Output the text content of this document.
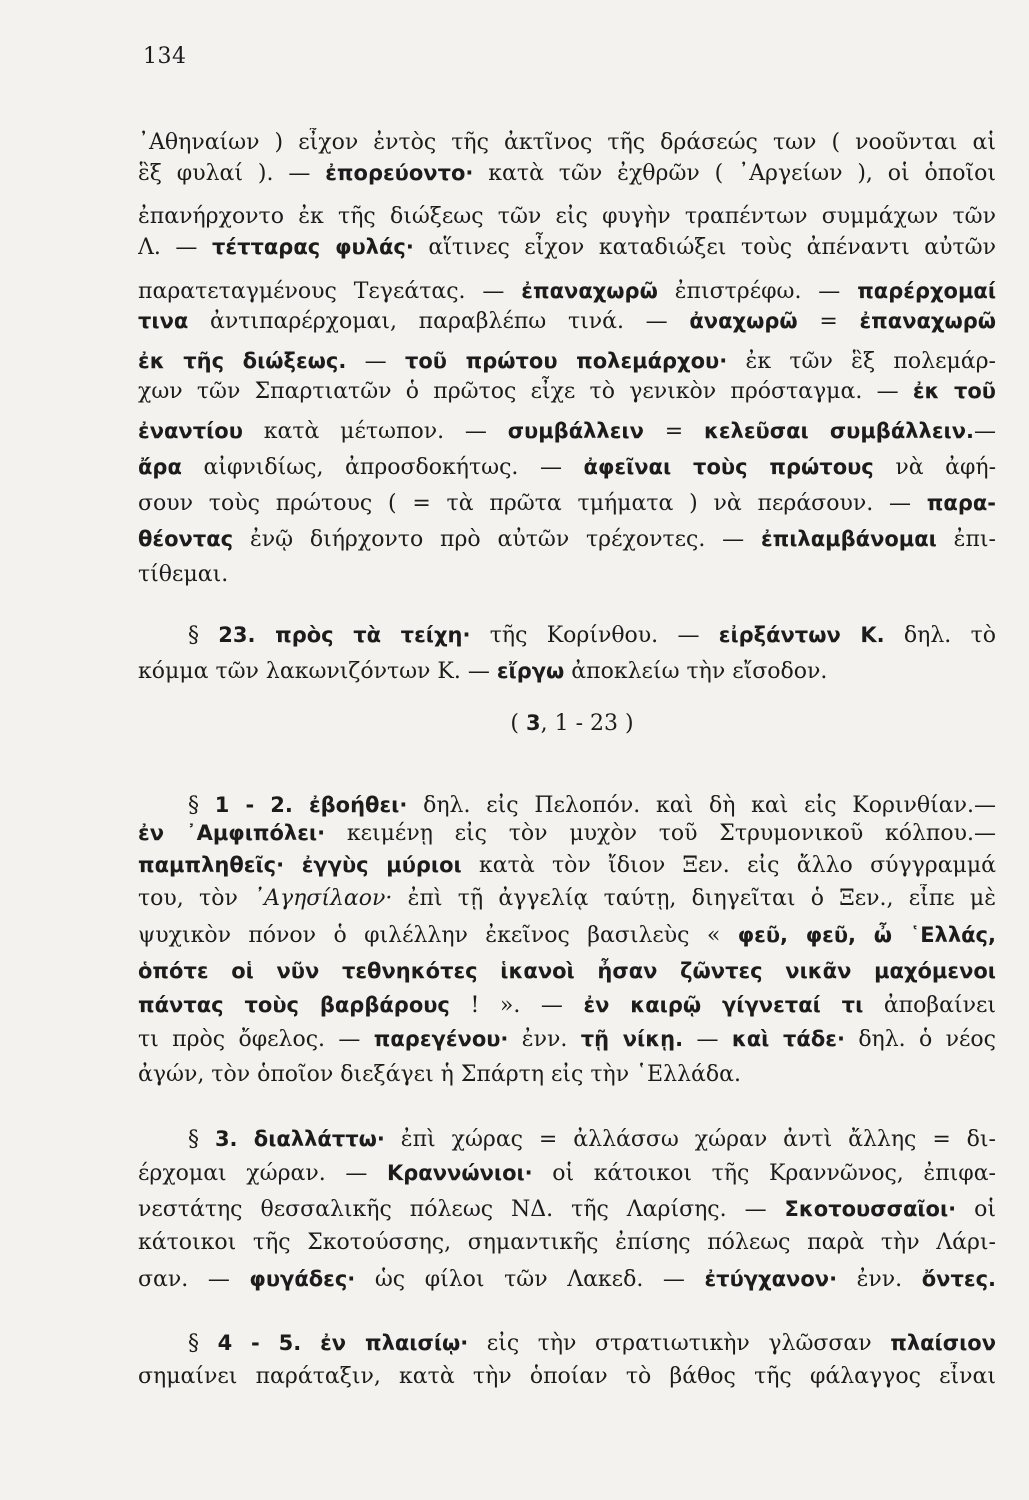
134
᾿Αθηναίων ) εἶχον ἐντὸς τῆς ἀκτῖνος τῆς δράσεώς των ( νοοῦνται αἱ
ἓξ φυλαί ). — ἐπορεύοντο· κατὰ τῶν ἐχθρῶν ( ᾿Αργείων ), οἱ ὁποῖοι
ἐπανήρχοντο ἐκ τῆς διώξεως τῶν εἰς φυγὴν τραπέντων συμμάχων τῶν
Λ. — τέτταρας φυλάς· αἵτινες εἶχον καταδιώξει τοὺς ἀπέναντι αὐτῶν
παρατεταγμένους Τεγεάτας. — ἐπαναχωρῶ ἐπιστρέφω. — παρέρχομαί
τινα ἀντιπαρέρχομαι, παραβλέπω τινά. — ἀναχωρῶ = ἐπαναχωρῶ
ἐκ τῆς διώξεως. — τοῦ πρώτου πολεμάρχου· ἐκ τῶν ἓξ πολεμάρ-
χων τῶν Σπαρτιατῶν ὁ πρῶτος εἶχε τὸ γενικὸν πρόσταγμα. — ἐκ τοῦ
ἐναντίου κατὰ μέτωπον. — συμβάλλειν = κελεῦσαι συμβάλλειν.—
ἄρα αἰφνιδίως, ἀπροσδοκήτως. — ἀφεῖναι τοὺς πρώτους νὰ ἀφή-
σουν τοὺς πρώτους ( = τὰ πρῶτα τμήματα ) νὰ περάσουν. — παρα-
θέοντας ἐνῷ διήρχοντο πρὸ αὐτῶν τρέχοντες. — ἐπιλαμβάνομαι ἐπι-
τίθεμαι.
§ 23. πρὸς τὰ τείχη· τῆς Κορίνθου. — εἰρξάντων Κ. δηλ. τὸ
κόμμα τῶν λακωνιζόντων Κ. — εἴργω ἀποκλείω τὴν εἴσοδον.
( 3, 1 - 23 )
§ 1 - 2. ἐβοήθει· δηλ. εἰς Πελοπόν. καὶ δὴ καὶ εἰς Κορινθίαν.—
ἐν ᾿Αμφιπόλει· κειμένῃ εἰς τὸν μυχὸν τοῦ Στρυμονικοῦ κόλπου.—
παμπληθεῖς· ἐγγὺς μύριοι κατὰ τὸν ἴδιον Ξεν. εἰς ἄλλο σύγγραμμά
του, τὸν ᾿Αγησίλαον· ἐπὶ τῇ ἀγγελίᾳ ταύτῃ, διηγεῖται ὁ Ξεν., εἶπε μὲ
ψυχικὸν πόνον ὁ φιλέλλην ἐκεῖνος βασιλεὺς « φεῦ, φεῦ, ὦ ῾Ελλάς,
ὁπότε οἱ νῦν τεθνηκότες ἱκανοὶ ἦσαν ζῶντες νικᾶν μαχόμενοι
πάντας τοὺς βαρβάρους ! ». — ἐν καιρῷ γίγνεταί τι ἀποβαίνει
τι πρὸς ὄφελος. — παρεγένου· ἐνν. τῇ νίκῃ. — καὶ τάδε· δηλ. ὁ νέος
ἀγών, τὸν ὁποῖον διεξάγει ἡ Σπάρτη εἰς τὴν ῾Ελλάδα.
§ 3. διαλλάττω· ἐπὶ χώρας = ἀλλάσσω χώραν ἀντὶ ἄλλης = δι-
έρχομαι χώραν. — Κραννώνιοι· οἱ κάτοικοι τῆς Κραννῶνος, ἐπιφα-
νεστάτης θεσσαλικῆς πόλεως ΝΔ. τῆς Λαρίσης. — Σκοτουσσαῖοι· οἱ
κάτοικοι τῆς Σκοτούσσης, σημαντικῆς ἐπίσης πόλεως παρὰ τὴν Λάρι-
σαν. — φυγάδες· ὡς φίλοι τῶν Λακεδ. — ἐτύγχανον· ἐνν. ὄντες.
§ 4 - 5. ἐν πλαισίῳ· εἰς τὴν στρατιωτικὴν γλῶσσαν πλαίσιον
σημαίνει παράταξιν, κατὰ τὴν ὁποίαν τὸ βάθος τῆς φάλαγγος εἶναι
